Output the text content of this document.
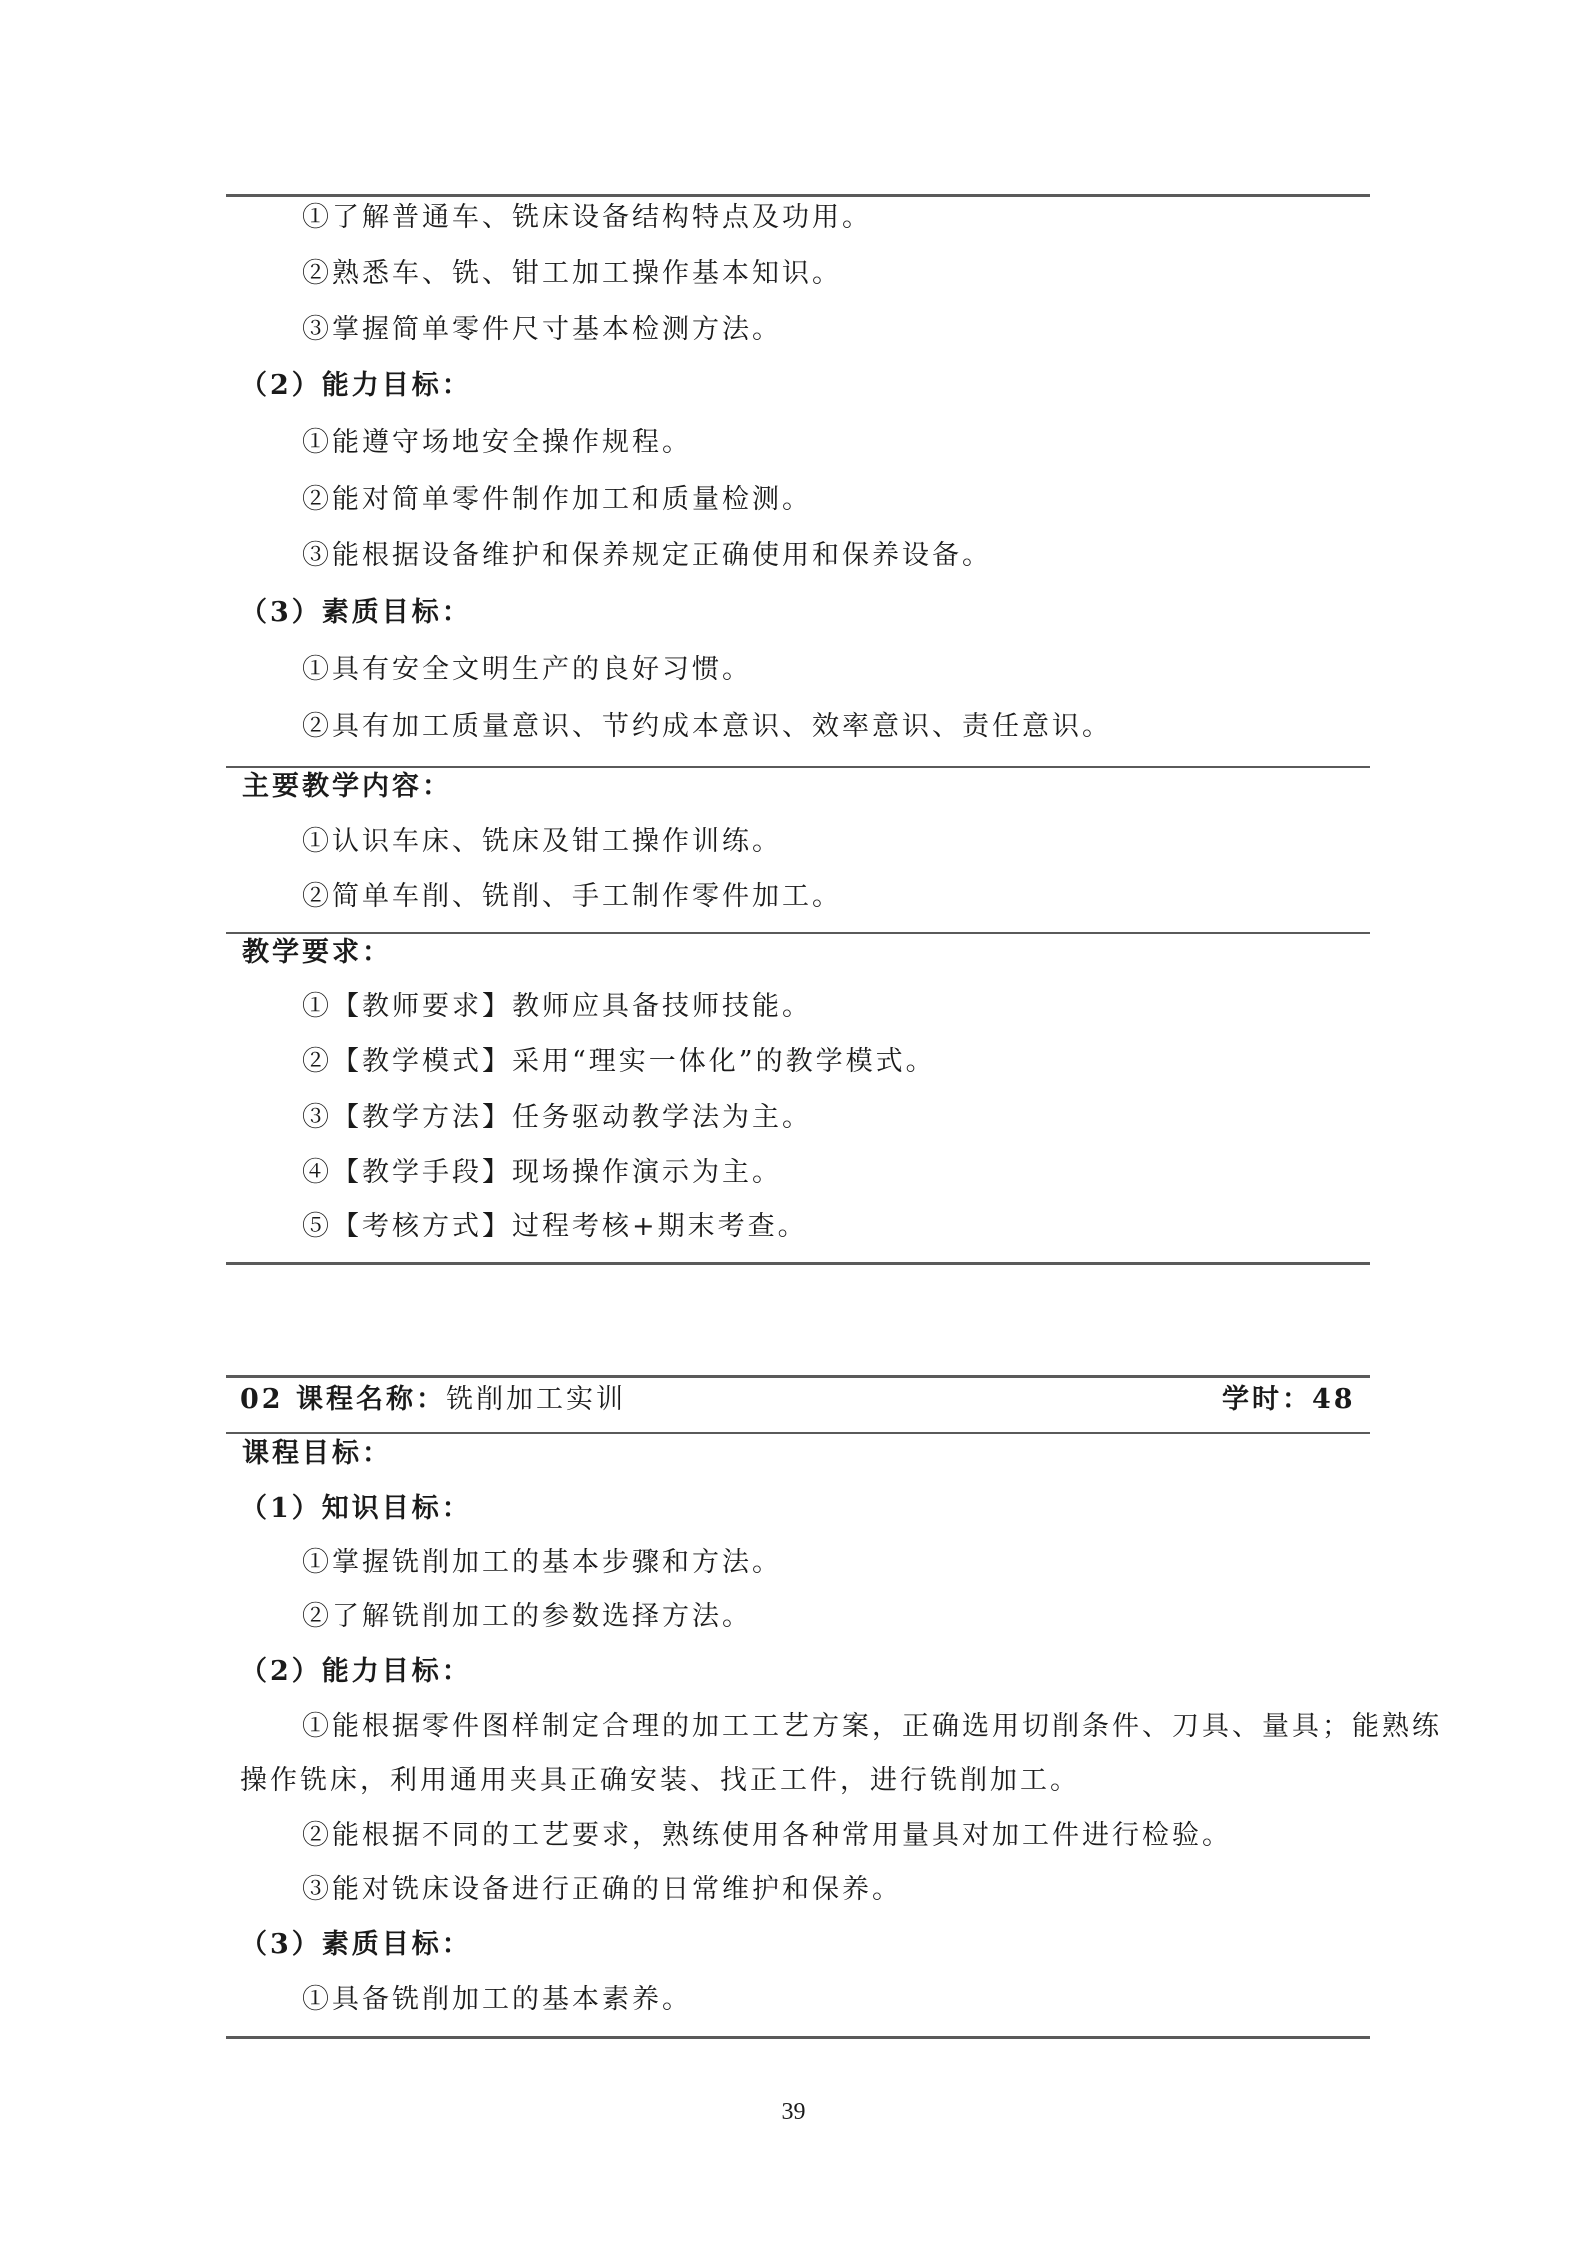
①了解普通车、铣床设备结构特点及功用。
②熟悉车、铣、钳工加工操作基本知识。
③掌握简单零件尺寸基本检测方法。
（2）能力目标：
①能遵守场地安全操作规程。
②能对简单零件制作加工和质量检测。
③能根据设备维护和保养规定正确使用和保养设备。
（3）素质目标：
①具有安全文明生产的良好习惯。
②具有加工质量意识、节约成本意识、效率意识、责任意识。
主要教学内容：
①认识车床、铣床及钳工操作训练。
②简单车削、铣削、手工制作零件加工。
教学要求：
①【教师要求】教师应具备技师技能。
②【教学模式】采用“理实一体化”的教学模式。
③【教学方法】任务驱动教学法为主。
④【教学手段】现场操作演示为主。
⑤【考核方式】过程考核+期末考查。
02 课程名称： 铣削加工实训	学时：48
课程目标：
（1）知识目标：
①掌握铣削加工的基本步骤和方法。
②了解铣削加工的参数选择方法。
（2）能力目标：
①能根据零件图样制定合理的加工工艺方案，正确选用切削条件、刀具、量具；能熟练
操作铣床，利用通用夹具正确安装、找正工件，进行铣削加工。
②能根据不同的工艺要求，熟练使用各种常用量具对加工件进行检验。
③能对铣床设备进行正确的日常维护和保养。
（3）素质目标：
①具备铣削加工的基本素养。
39
